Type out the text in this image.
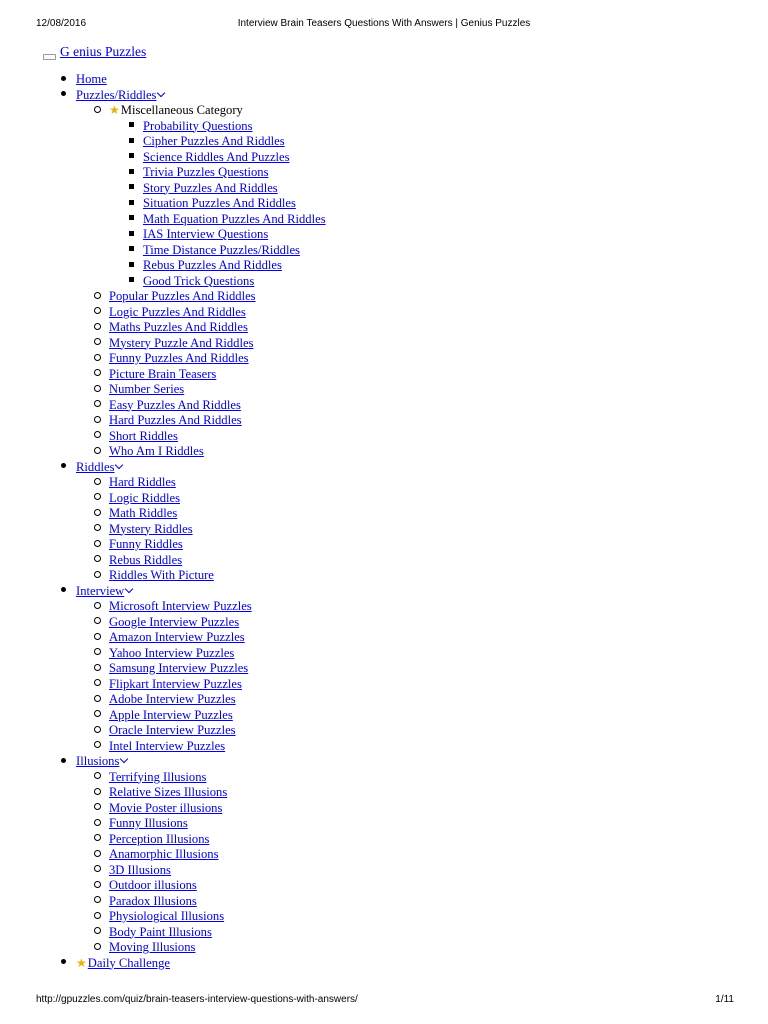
12/08/2016	Interview Brain Teasers Questions With Answers | Genius Puzzles
G enius Puzzles
Home
Puzzles/Riddles
★Miscellaneous Category
Probability Questions
Cipher Puzzles And Riddles
Science Riddles And Puzzles
Trivia Puzzles Questions
Story Puzzles And Riddles
Situation Puzzles And Riddles
Math Equation Puzzles And Riddles
IAS Interview Questions
Time Distance Puzzles/Riddles
Rebus Puzzles And Riddles
Good Trick Questions
Popular Puzzles And Riddles
Logic Puzzles And Riddles
Maths Puzzles And Riddles
Mystery Puzzle And Riddles
Funny Puzzles And Riddles
Picture Brain Teasers
Number Series
Easy Puzzles And Riddles
Hard Puzzles And Riddles
Short Riddles
Who Am I Riddles
Riddles
Hard Riddles
Logic Riddles
Math Riddles
Mystery Riddles
Funny Riddles
Rebus Riddles
Riddles With Picture
Interview
Microsoft Interview Puzzles
Google Interview Puzzles
Amazon Interview Puzzles
Yahoo Interview Puzzles
Samsung Interview Puzzles
Flipkart Interview Puzzles
Adobe Interview Puzzles
Apple Interview Puzzles
Oracle Interview Puzzles
Intel Interview Puzzles
Illusions
Terrifying Illusions
Relative Sizes Illusions
Movie Poster illusions
Funny Illusions
Perception Illusions
Anamorphic Illusions
3D Illusions
Outdoor illusions
Paradox Illusions
Physiological Illusions
Body Paint Illusions
Moving Illusions
★Daily Challenge
http://gpuzzles.com/quiz/brain-teasers-interview-questions-with-answers/	1/11
